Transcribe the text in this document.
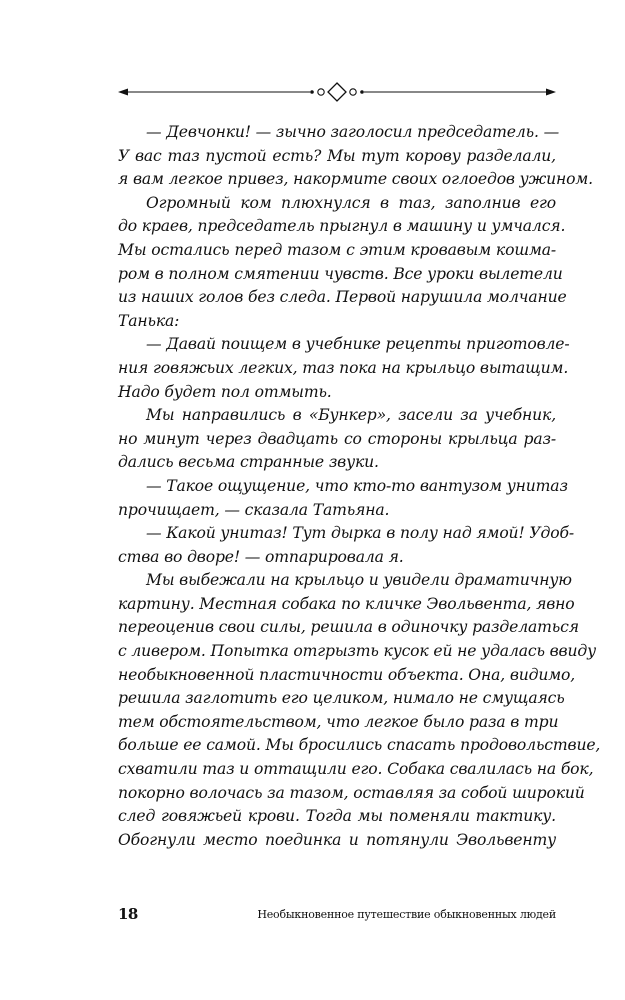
— Девчонки! — зычно заголосил председатель. —
У вас таз пустой есть? Мы тут корову разделали,
я вам легкое привез, накормите своих оглоедов ужином.
Огромный ком плюхнулся в таз, заполнив его
до краев, председатель прыгнул в машину и умчался.
Мы остались перед тазом с этим кровавым кошма-
ром в полном смятении чувств. Все уроки вылетели
из наших голов без следа. Первой нарушила молчание
Танька:
— Давай поищем в учебнике рецепты приготовле-
ния говяжьих легких, таз пока на крыльцо вытащим.
Надо будет пол отмыть.
Мы направились в «Бункер», засели за учебник,
но минут через двадцать со стороны крыльца раз-
дались весьма странные звуки.
— Такое ощущение, что кто-то вантузом унитаз
прочищает, — сказала Татьяна.
— Какой унитаз! Тут дырка в полу над ямой! Удоб-
ства во дворе! — отпарировала я.
Мы выбежали на крыльцо и увидели драматичную
картину. Местная собака по кличке Эвольвента, явно
переоценив свои силы, решила в одиночку разделаться
с ливером. Попытка отгрызть кусок ей не удалась ввиду
необыкновенной пластичности объекта. Она, видимо,
решила заглотить его целиком, нимало не смущаясь
тем обстоятельством, что легкое было раза в три
больше ее самой. Мы бросились спасать продовольствие,
схватили таз и оттащили его. Собака свалилась на бок,
покорно волочась за тазом, оставляя за собой широкий
след говяжьей крови. Тогда мы поменяли тактику.
Обогнули место поединка и потянули Эвольвенту
18	Необыкновенное путешествие обыкновенных людей
